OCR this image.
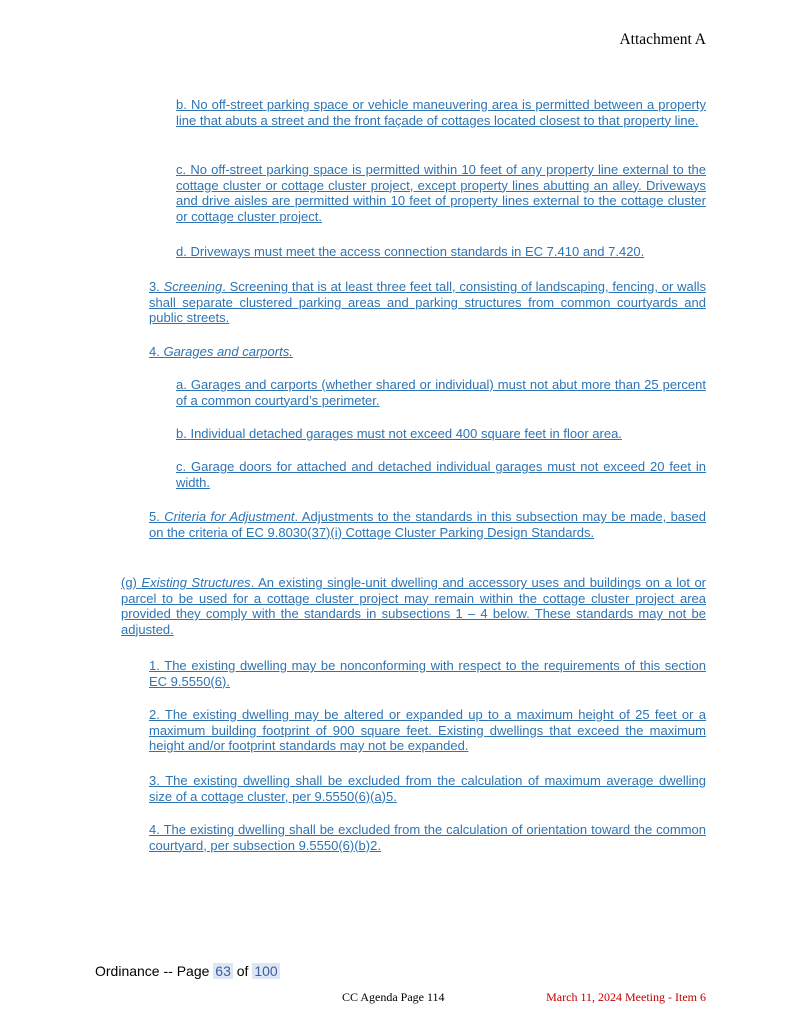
Attachment A

b. No off-street parking space or vehicle maneuvering area is permitted between a property line that abuts a street and the front façade of cottages located closest to that property line.

c. No off-street parking space is permitted within 10 feet of any property line external to the cottage cluster or cottage cluster project, except property lines abutting an alley. Driveways and drive aisles are permitted within 10 feet of property lines external to the cottage cluster or cottage cluster project.

d. Driveways must meet the access connection standards in EC 7.410 and 7.420.

3. Screening. Screening that is at least three feet tall, consisting of landscaping, fencing, or walls shall separate clustered parking areas and parking structures from common courtyards and public streets.

4. Garages and carports.

a. Garages and carports (whether shared or individual) must not abut more than 25 percent of a common courtyard’s perimeter.

b. Individual detached garages must not exceed 400 square feet in floor area.

c. Garage doors for attached and detached individual garages must not exceed 20 feet in width.

5. Criteria for Adjustment. Adjustments to the standards in this subsection may be made, based on the criteria of EC 9.8030(37)(i) Cottage Cluster Parking Design Standards.

(g) Existing Structures. An existing single-unit dwelling and accessory uses and buildings on a lot or parcel to be used for a cottage cluster project may remain within the cottage cluster project area provided they comply with the standards in subsections 1 – 4 below. These standards may not be adjusted.

1. The existing dwelling may be nonconforming with respect to the requirements of this section EC 9.5550(6).

2. The existing dwelling may be altered or expanded up to a maximum height of 25 feet or a maximum building footprint of 900 square feet. Existing dwellings that exceed the maximum height and/or footprint standards may not be expanded.

3. The existing dwelling shall be excluded from the calculation of maximum average dwelling size of a cottage cluster, per 9.5550(6)(a)5.

4. The existing dwelling shall be excluded from the calculation of orientation toward the common courtyard, per subsection 9.5550(6)(b)2.

Ordinance -- Page 63 of 100
CC Agenda Page 114	March 11, 2024 Meeting - Item 6
